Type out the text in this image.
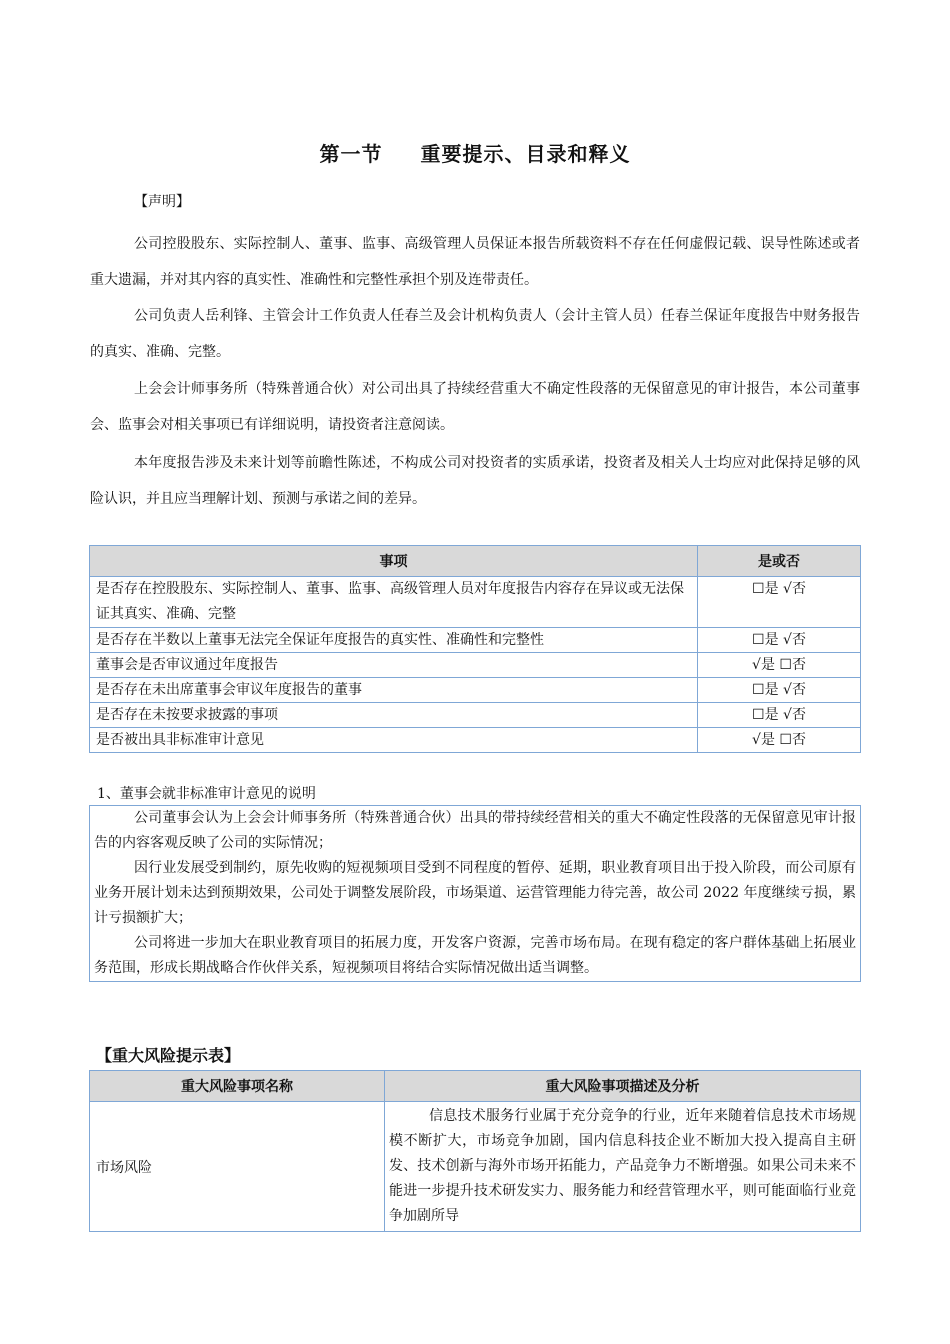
第一节 重要提示、目录和释义
【声明】

公司控股股东、实际控制人、董事、监事、高级管理人员保证本报告所载资料不存在任何虚假记载、误导性陈述或者重大遗漏，并对其内容的真实性、准确性和完整性承担个别及连带责任。

公司负责人岳利锋、主管会计工作负责人任春兰及会计机构负责人（会计主管人员）任春兰保证年度报告中财务报告的真实、准确、完整。

上会会计师事务所（特殊普通合伙）对公司出具了持续经营重大不确定性段落的无保留意见的审计报告，本公司董事会、监事会对相关事项已有详细说明，请投资者注意阅读。

本年度报告涉及未来计划等前瞻性陈述，不构成公司对投资者的实质承诺，投资者及相关人士均应对此保持足够的风险认识，并且应当理解计划、预测与承诺之间的差异。

事项	是或否
是否存在控股股东、实际控制人、董事、监事、高级管理人员对年度报告内容存在异议或无法保证其真实、准确、完整	☐是 √否
是否存在半数以上董事无法完全保证年度报告的真实性、准确性和完整性	☐是 √否
董事会是否审议通过年度报告	√是 ☐否
是否存在未出席董事会审议年度报告的董事	☐是 √否
是否存在未按要求披露的事项	☐是 √否
是否被出具非标准审计意见	√是 ☐否
1、董事会就非标准审计意见的说明

公司董事会认为上会会计师事务所（特殊普通合伙）出具的带持续经营相关的重大不确定性段落的无保留意见审计报告的内容客观反映了公司的实际情况；

因行业发展受到制约，原先收购的短视频项目受到不同程度的暂停、延期，职业教育项目出于投入阶段，而公司原有业务开展计划未达到预期效果，公司处于调整发展阶段，市场渠道、运营管理能力待完善，故公司 2022 年度继续亏损，累计亏损额扩大；

公司将进一步加大在职业教育项目的拓展力度，开发客户资源，完善市场布局。在现有稳定的客户群体基础上拓展业务范围，形成长期战略合作伙伴关系，短视频项目将结合实际情况做出适当调整。

【重大风险提示表】
重大风险事项名称	重大风险事项描述及分析
市场风险	信息技术服务行业属于充分竞争的行业，近年来随着信息技术市场规模不断扩大，市场竞争加剧，国内信息科技企业不断加大投入提高自主研发、技术创新与海外市场开拓能力，产品竞争力不断增强。如果公司未来不能进一步提升技术研发实力、服务能力和经营管理水平，则可能面临行业竞争加剧所导
